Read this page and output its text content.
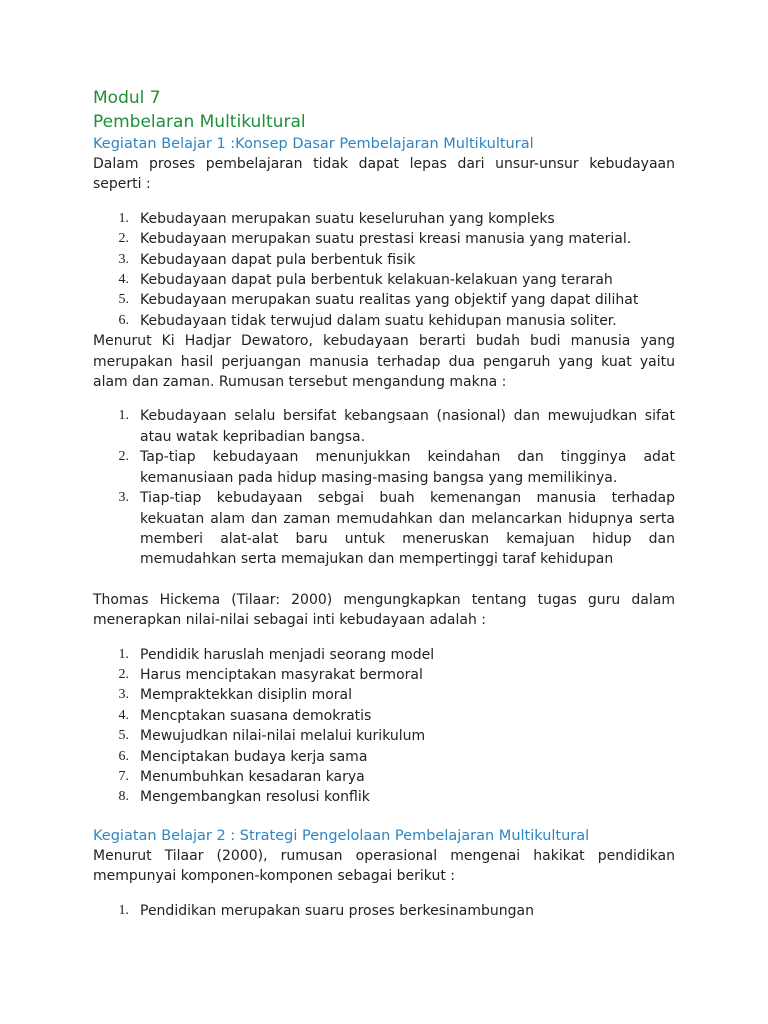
Modul 7
Pembelaran Multikultural
Kegiatan Belajar 1 :Konsep Dasar Pembelajaran Multikultural

Dalam proses pembelajaran tidak dapat lepas dari unsur-unsur kebudayaan seperti :

1. Kebudayaan merupakan suatu keseluruhan yang kompleks
2. Kebudayaan merupakan suatu prestasi kreasi manusia yang material.
3. Kebudayaan dapat pula berbentuk fisik
4. Kebudayaan dapat pula berbentuk kelakuan-kelakuan yang terarah
5. Kebudayaan merupakan suatu realitas yang objektif yang dapat dilihat
6. Kebudayaan tidak terwujud dalam suatu kehidupan manusia soliter.

Menurut Ki Hadjar Dewatoro, kebudayaan berarti budah budi manusia yang merupakan hasil perjuangan manusia terhadap dua pengaruh yang kuat yaitu alam dan zaman. Rumusan tersebut mengandung makna :

1. Kebudayaan selalu bersifat kebangsaan (nasional) dan mewujudkan sifat atau watak kepribadian bangsa.
2. Tap-tiap kebudayaan menunjukkan keindahan dan tingginya adat kemanusiaan pada hidup masing-masing bangsa yang memilikinya.
3. Tiap-tiap kebudayaan sebgai buah kemenangan manusia terhadap kekuatan alam dan zaman memudahkan dan melancarkan hidupnya serta memberi alat-alat baru untuk meneruskan kemajuan hidup dan memudahkan serta memajukan dan mempertinggi taraf kehidupan

Thomas Hickema (Tilaar: 2000) mengungkapkan tentang tugas guru dalam menerapkan nilai-nilai sebagai inti kebudayaan adalah :

1. Pendidik haruslah menjadi seorang model
2. Harus menciptakan masyrakat bermoral
3. Mempraktekkan disiplin moral
4. Mencptakan suasana demokratis
5. Mewujudkan nilai-nilai melalui kurikulum
6. Menciptakan budaya kerja sama
7. Menumbuhkan kesadaran karya
8. Mengembangkan resolusi konflik
Kegiatan Belajar 2 : Strategi Pengelolaan Pembelajaran Multikultural

Menurut Tilaar (2000), rumusan operasional mengenai hakikat pendidikan mempunyai komponen-komponen sebagai berikut :

1. Pendidikan merupakan suaru proses berkesinambungan
